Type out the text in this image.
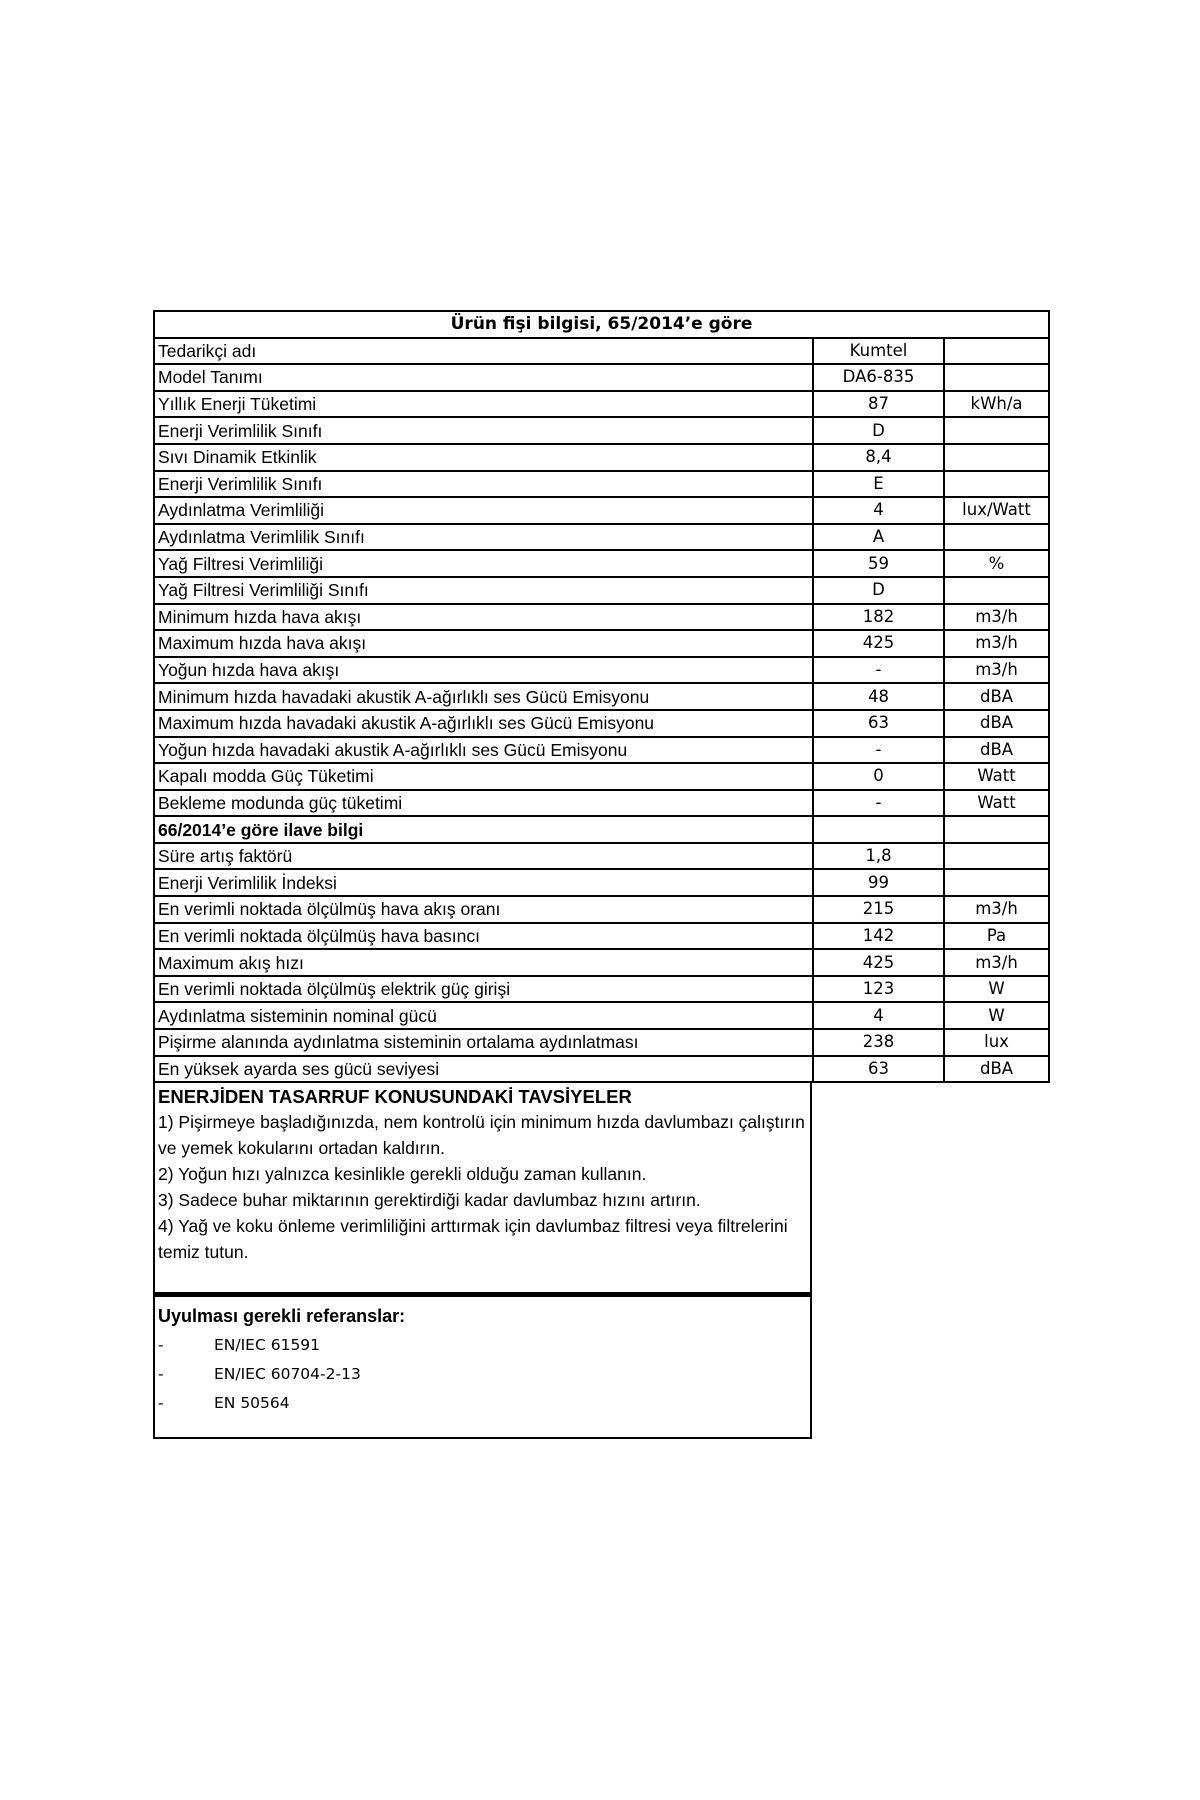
Ürün fişi bilgisi, 65/2014’e göre		
Tedarikçi adı	Kumtel	
Model Tanımı	DA6-835	
Yıllık Enerji Tüketimi	87	kWh/a
Enerji Verimlilik Sınıfı	D	
Sıvı Dinamik Etkinlik	8,4	
Enerji Verimlilik Sınıfı	E	
Aydınlatma Verimliliği	4	lux/Watt
Aydınlatma Verimlilik Sınıfı	A	
Yağ Filtresi Verimliliği	59	%
Yağ Filtresi Verimliliği Sınıfı	D	
Minimum hızda hava akışı	182	m3/h
Maximum hızda hava akışı	425	m3/h
Yoğun hızda hava akışı	-	m3/h
Minimum hızda havadaki akustik A-ağırlıklı ses Gücü Emisyonu	48	dBA
Maximum hızda havadaki akustik A-ağırlıklı ses Gücü Emisyonu	63	dBA
Yoğun hızda havadaki akustik A-ağırlıklı ses Gücü Emisyonu	-	dBA
Kapalı modda Güç Tüketimi	0	Watt
Bekleme modunda güç tüketimi	-	Watt
66/2014’e göre ilave bilgi		
Süre artış faktörü	1,8	
Enerji Verimlilik İndeksi	99	
En verimli noktada ölçülmüş hava akış oranı	215	m3/h
En verimli noktada ölçülmüş hava basıncı	142	Pa
Maximum akış hızı	425	m3/h
En verimli noktada ölçülmüş elektrik güç girişi	123	W
Aydınlatma sisteminin nominal gücü	4	W
Pişirme alanında aydınlatma sisteminin ortalama aydınlatması	238	lux
En yüksek ayarda ses gücü seviyesi	63	dBA
ENERJİDEN TASARRUF KONUSUNDAKİ TAVSİYELER
1) Pişirmeye başladığınızda, nem kontrolü için minimum hızda davlumbazı çalıştırın ve yemek kokularını ortadan kaldırın.
2) Yoğun hızı yalnızca kesinlikle gerekli olduğu zaman kullanın.
3) Sadece buhar miktarının gerektirdiği kadar davlumbaz hızını artırın.
4) Yağ ve koku önleme verimliliğini arttırmak için davlumbaz filtresi veya filtrelerini temiz tutun.
Uyulması gerekli referanslar:
-	EN/IEC 61591
-	EN/IEC 60704-2-13
-	EN 50564
